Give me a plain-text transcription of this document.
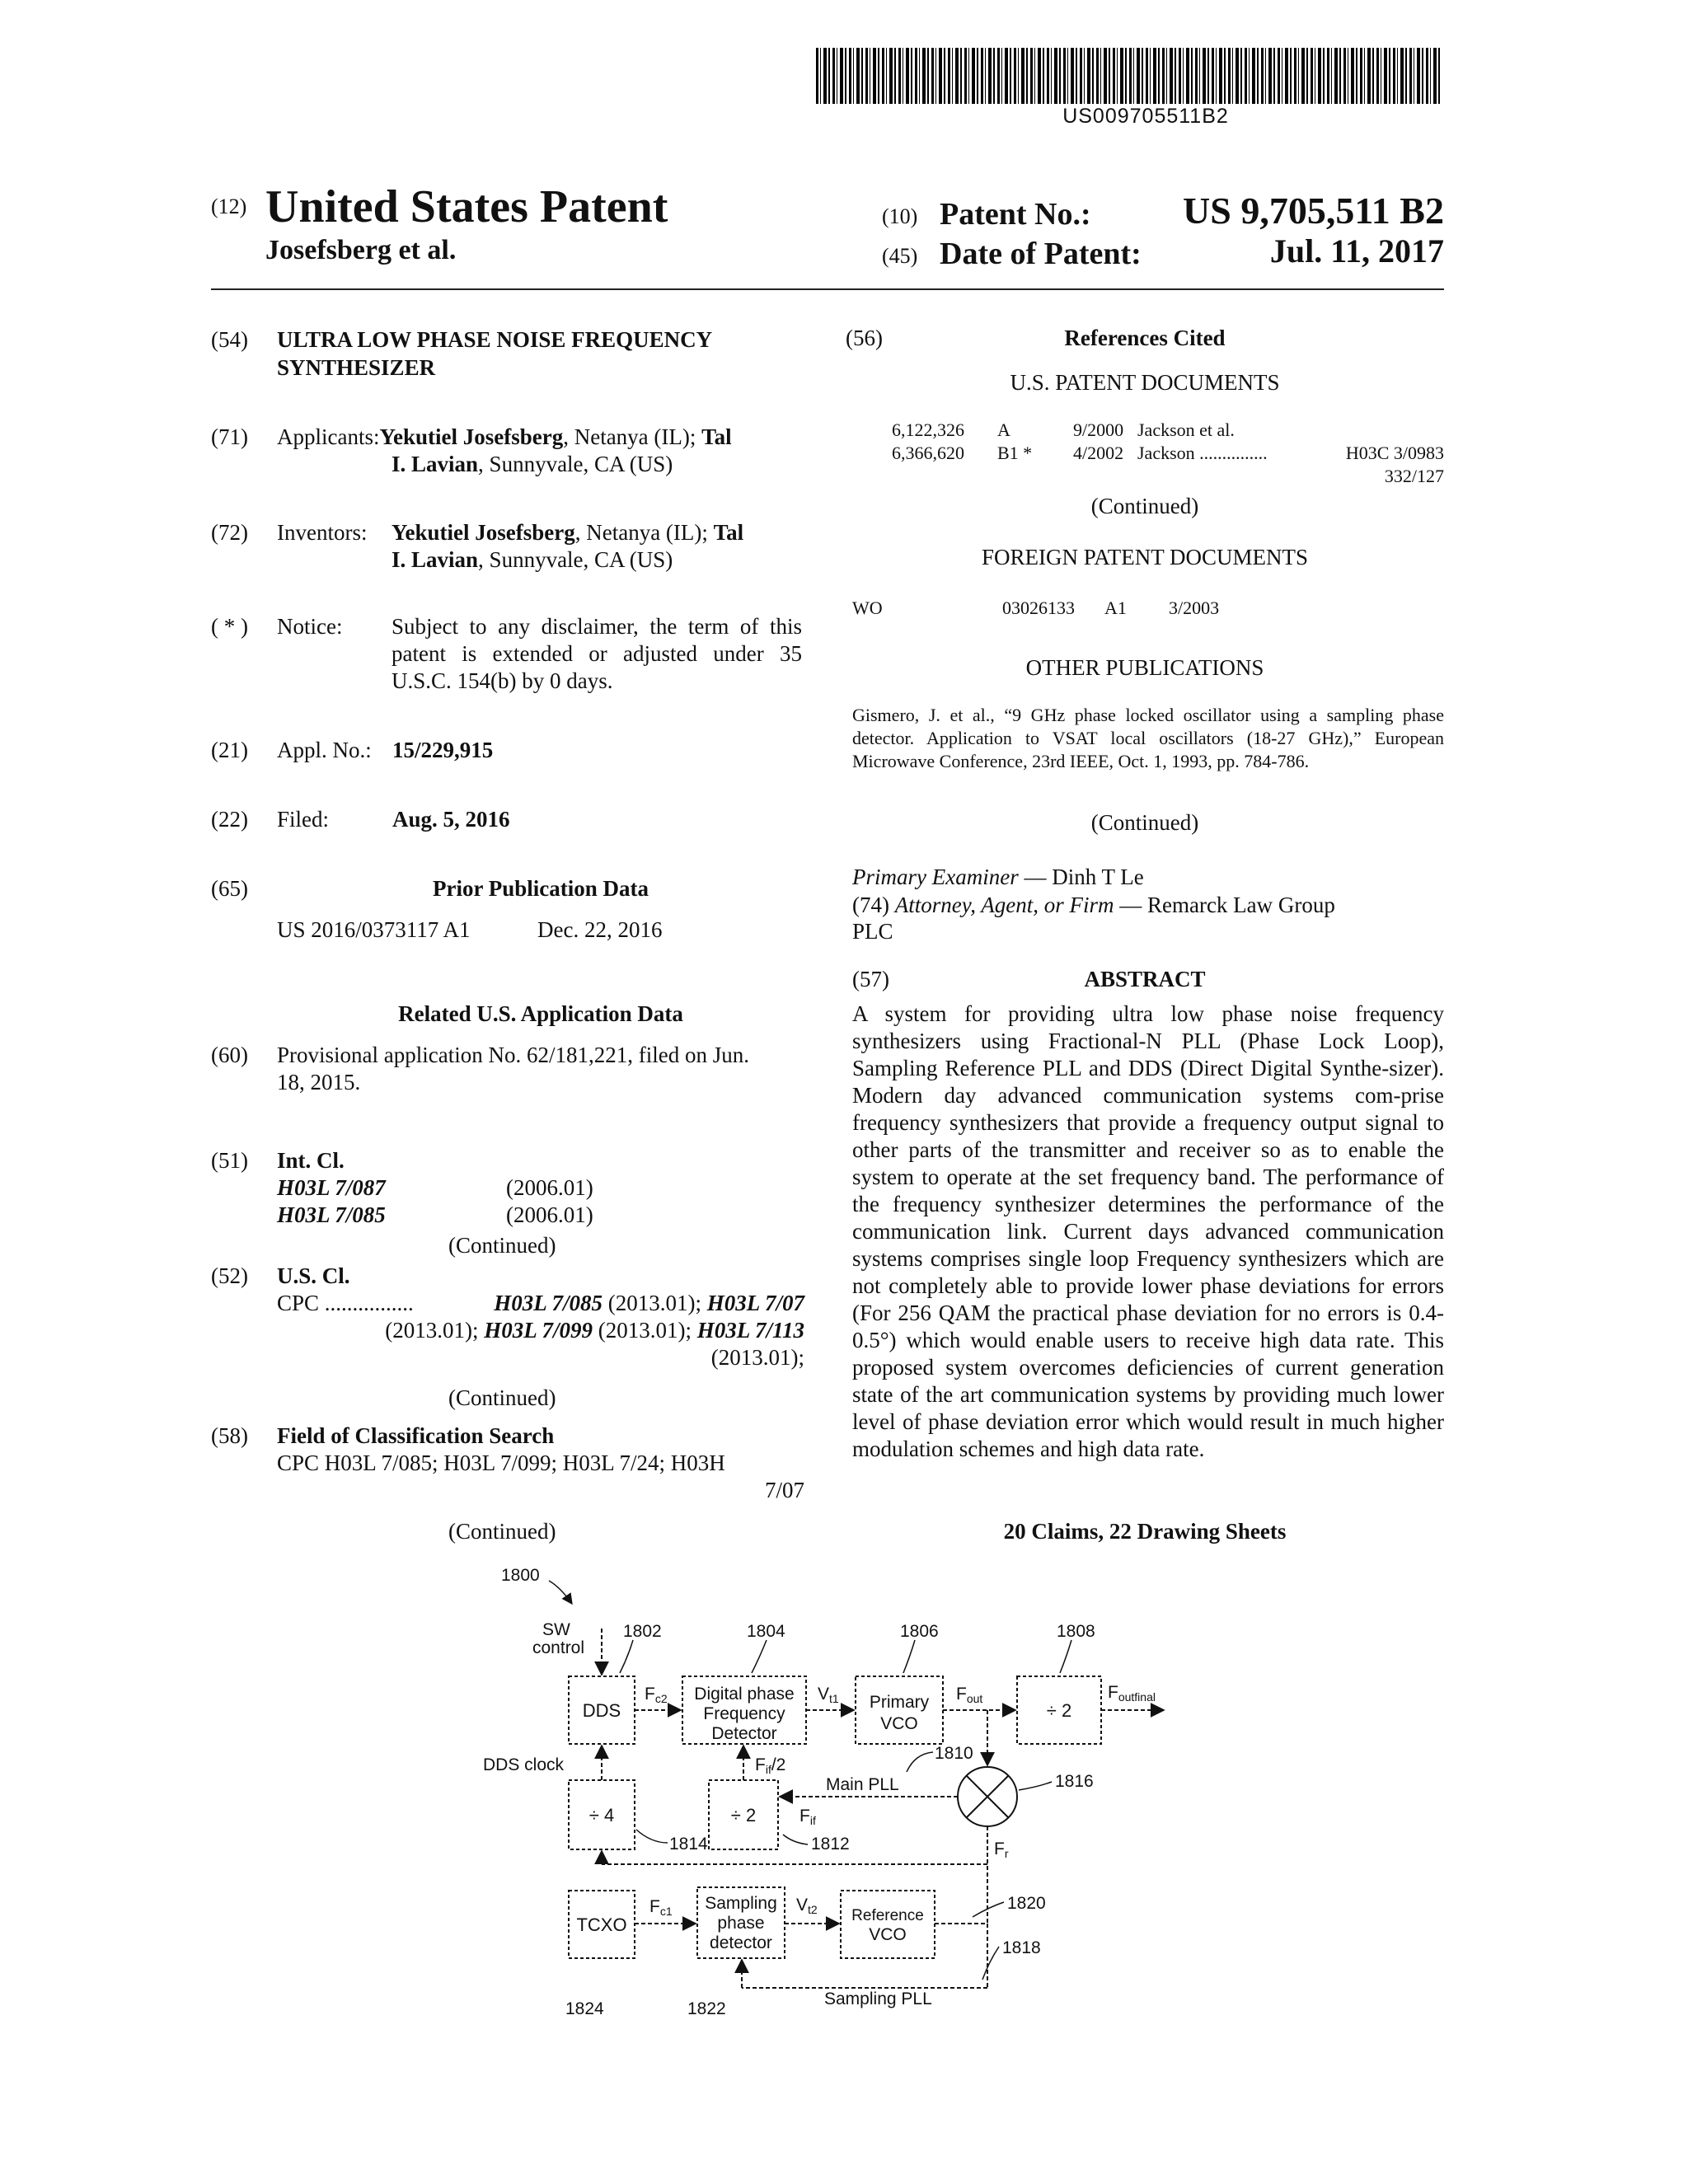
US009705511B2
(12) United States Patent
Josefsberg et al.
(10) Patent No.:	US 9,705,511 B2
(45) Date of Patent:	Jul. 11, 2017
(54) ULTRA LOW PHASE NOISE FREQUENCY
SYNTHESIZER
(71) Applicants:Yekutiel Josefsberg, Netanya (IL); Tal
I. Lavian, Sunnyvale, CA (US)
(72) Inventors: Yekutiel Josefsberg, Netanya (IL); Tal
I. Lavian, Sunnyvale, CA (US)
( * ) Notice: Subject to any disclaimer, the term of this patent is extended or adjusted under 35 U.S.C. 154(b) by 0 days.
(21) Appl. No.: 15/229,915
(22) Filed:	Aug. 5, 2016
(65)	Prior Publication Data
US 2016/0373117 A1	Dec. 22, 2016
Related U.S. Application Data
(60) Provisional application No. 62/181,221, filed on Jun.
18, 2015.
(51) Int. Cl.
H03L 7/087	(2006.01)
H03L 7/085	(2006.01)
(Continued)
(52) U.S. Cl.
CPC ................	H03L 7/085 (2013.01); H03L 7/07
(2013.01); H03L 7/099 (2013.01); H03L 7/113
(2013.01);
(Continued)
(58) Field of Classification Search
CPC H03L 7/085; H03L 7/099; H03L 7/24; H03H
7/07
(Continued)
(56)	References Cited
U.S. PATENT DOCUMENTS
6,122,326 A	9/2000 Jackson et al.
6,366,620 B1 * 4/2002 Jackson ...............	H03C 3/0983
332/127
(Continued)
FOREIGN PATENT DOCUMENTS
WO	03026133 A1 3/2003
OTHER PUBLICATIONS
Gismero, J. et al., “9 GHz phase locked oscillator using a sampling phase detector. Application to VSAT local oscillators (18-27 GHz),” European Microwave Conference, 23rd IEEE, Oct. 1, 1993, pp. 784-786.
(Continued)
Primary Examiner — Dinh T Le
(74) Attorney, Agent, or Firm — Remarck Law Group
PLC
(57)	ABSTRACT
A system for providing ultra low phase noise frequency synthesizers using Fractional-N PLL (Phase Lock Loop), Sampling Reference PLL and DDS (Direct Digital Synthe-sizer). Modern day advanced communication systems com-prise frequency synthesizers that provide a frequency output signal to other parts of the transmitter and receiver so as to enable the system to operate at the set frequency band. The performance of the frequency synthesizer determines the performance of the communication link. Current days advanced communication systems comprises single loop Frequency synthesizers which are not completely able to provide lower phase deviations for errors (For 256 QAM the practical phase deviation for no errors is 0.4-0.5°) which would enable users to receive high data rate. This proposed system overcomes deficiencies of current generation state of the art communication systems by providing much lower level of phase deviation error which would result in much higher modulation schemes and high data rate.
20 Claims, 22 Drawing Sheets
1800
SW
control
DDS
DDS clock
Digital phase
Frequency
Detector
Primary
VCO
÷ 2
÷ 4	÷ 2
TCXO
Sampling
phase
detector
Reference
VCO
Main PLL
Sampling PLL
Fc2	Vt1	Fout	Foutfinal
Fif/2
Fif
Fr
Fc1	Vt2
1802	1804	1806	1808
1810
1812
1814
1816
1818
1820
1822
1824
